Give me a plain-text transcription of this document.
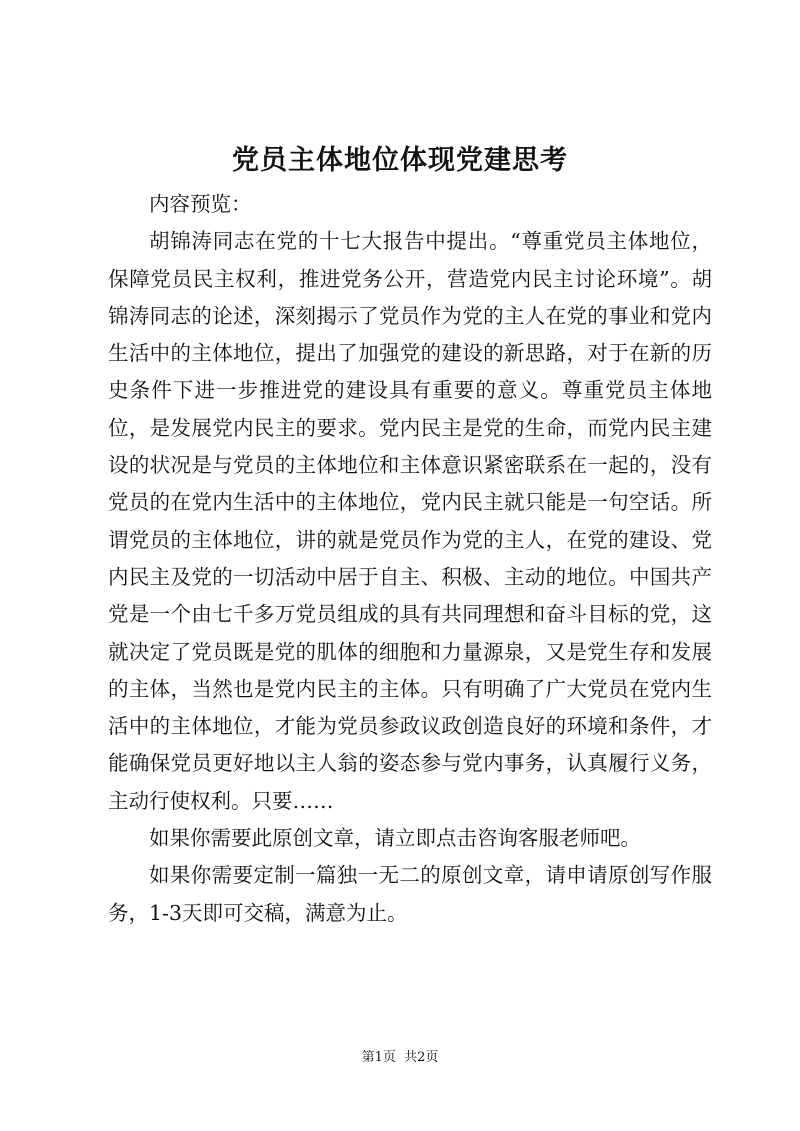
党员主体地位体现党建思考

内容预览：

胡锦涛同志在党的十七大报告中提出。“尊重党员主体地位，保障党员民主权利，推进党务公开，营造党内民主讨论环境”。胡锦涛同志的论述，深刻揭示了党员作为党的主人在党的事业和党内生活中的主体地位，提出了加强党的建设的新思路，对于在新的历史条件下进一步推进党的建设具有重要的意义。尊重党员主体地位，是发展党内民主的要求。党内民主是党的生命，而党内民主建设的状况是与党员的主体地位和主体意识紧密联系在一起的，没有党员的在党内生活中的主体地位，党内民主就只能是一句空话。所谓党员的主体地位，讲的就是党员作为党的主人，在党的建设、党内民主及党的一切活动中居于自主、积极、主动的地位。中国共产党是一个由七千多万党员组成的具有共同理想和奋斗目标的党，这就决定了党员既是党的肌体的细胞和力量源泉，又是党生存和发展的主体，当然也是党内民主的主体。只有明确了广大党员在党内生活中的主体地位，才能为党员参政议政创造良好的环境和条件，才能确保党员更好地以主人翁的姿态参与党内事务，认真履行义务，主动行使权利。只要……

如果你需要此原创文章，请立即点击咨询客服老师吧。

如果你需要定制一篇独一无二的原创文章，请申请原创写作服务，1-3天即可交稿，满意为止。

第1页 共2页
